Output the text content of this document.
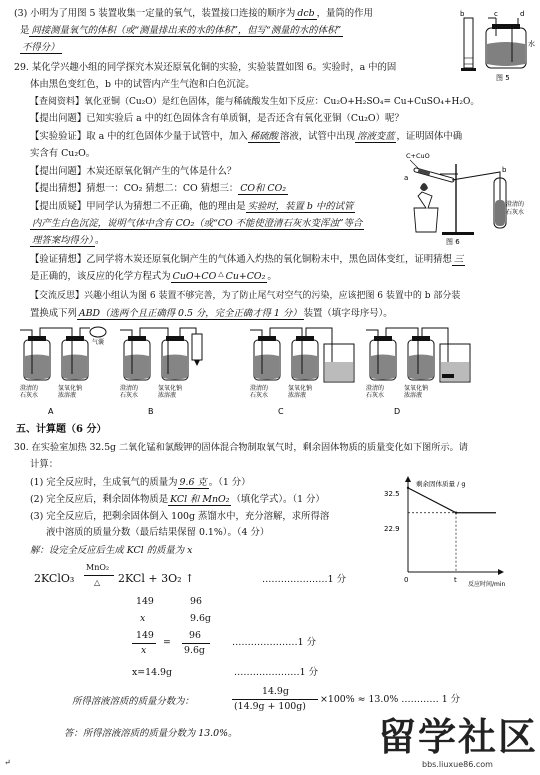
(3) 小明为了用图 5 装置收集一定量的氧气，装置接口连接的顺序为 dcb ，量筒的作用
是 间接测量氧气的体积（或“测量排出来的水的体积”，但写“测量的水的体积”
不得分）
b	c	d
水
图 5
29. 某化学兴趣小组的同学探究木炭还原氧化铜的实验，实验装置如图 6。实验时，a 中的固
体由黑色变红色，b 中的试管内产生气泡和白色沉淀。
【查阅资料】氧化亚铜（Cu₂O）是红色固体，能与稀硫酸发生如下反应：Cu₂O+H₂SO₄= Cu+CuSO₄+H₂O。
【提出问题】已知实验后 a 中的红色固体含有单质铜，是否还含有氧化亚铜（Cu₂O）呢？
【实验验证】取 a 中的红色固体少量于试管中，加入 稀硫酸 溶液，试管中出现 溶液变蓝 ，证明固体中确
实含有 Cu₂O。
【提出问题】木炭还原氧化铜产生的气体是什么？
【提出猜想】猜想一：CO₂ 猜想二：CO 猜想三： CO和 CO₂
【提出质疑】甲同学认为猜想二不正确，他的理由是 实验时，装置 b 中的试管
内产生白色沉淀，说明气体中含有 CO₂（或“CO 不能使澄清石灰水变浑浊”等合
理答案均得分） 。
C+CuO
a
b
澄清的
石灰水
图 6
【验证猜想】乙同学将木炭还原氧化铜产生的气体通入灼热的氧化铜粉末中，黑色固体变红，证明猜想 三
是正确的，该反应的化学方程式为 CuO+CO △ Cu+CO₂ 。
【交流反思】兴趣小组认为图 6 装置不够完善，为了防止尾气对空气的污染，应该把图 6 装置中的 b 部分装
置换成下列 ABD（选两个且正确得 0.5 分，完全正确才得 1 分） 装置（填字母序号）。
澄清的
石灰水
氢氧化钠
浓溶液
A
气囊
澄清的
石灰水
氢氧化钠
浓溶液
B
澄清的
石灰水
氢氧化钠
浓溶液
C
澄清的
石灰水
氢氧化钠
浓溶液
D
五、计算题（6 分）
30. 在实验室加热 32.5g 二氧化锰和氯酸钾的固体混合物制取氧气时，剩余固体物质的质量变化如下图所示。请
计算：
(1) 完全反应时，生成氧气的质量为 9.6 克 。（1 分）
(2) 完全反应后，剩余固体物质是 KCl 和 MnO₂ （填化学式）。（1 分）
(3) 完全反应后，把剩余固体倒入 100g 蒸馏水中，充分溶解，求所得溶
液中溶质的质量分数（最后结果保留 0.1%）。（4 分）
解：设完全反应后生成 KCl 的质量为 x
剩余固体质量 / g
反应时间/min
32.5
22.9
0	t
2KClO₃
MnO₂
△ 2KCl + 3O₂ ↑	…………………1 分
149	96
x	9.6g
149
x
=
96
9.6g
…………………1 分
x=14.9g	…………………1 分
所得溶液溶质的质量分数为：
14.9g
(14.9g + 100g)
×100% ≈ 13.0% ………… 1 分
答：所得溶液溶质的质量分数为 13.0%。
↵
留学社区
bbs.liuxue86.com
